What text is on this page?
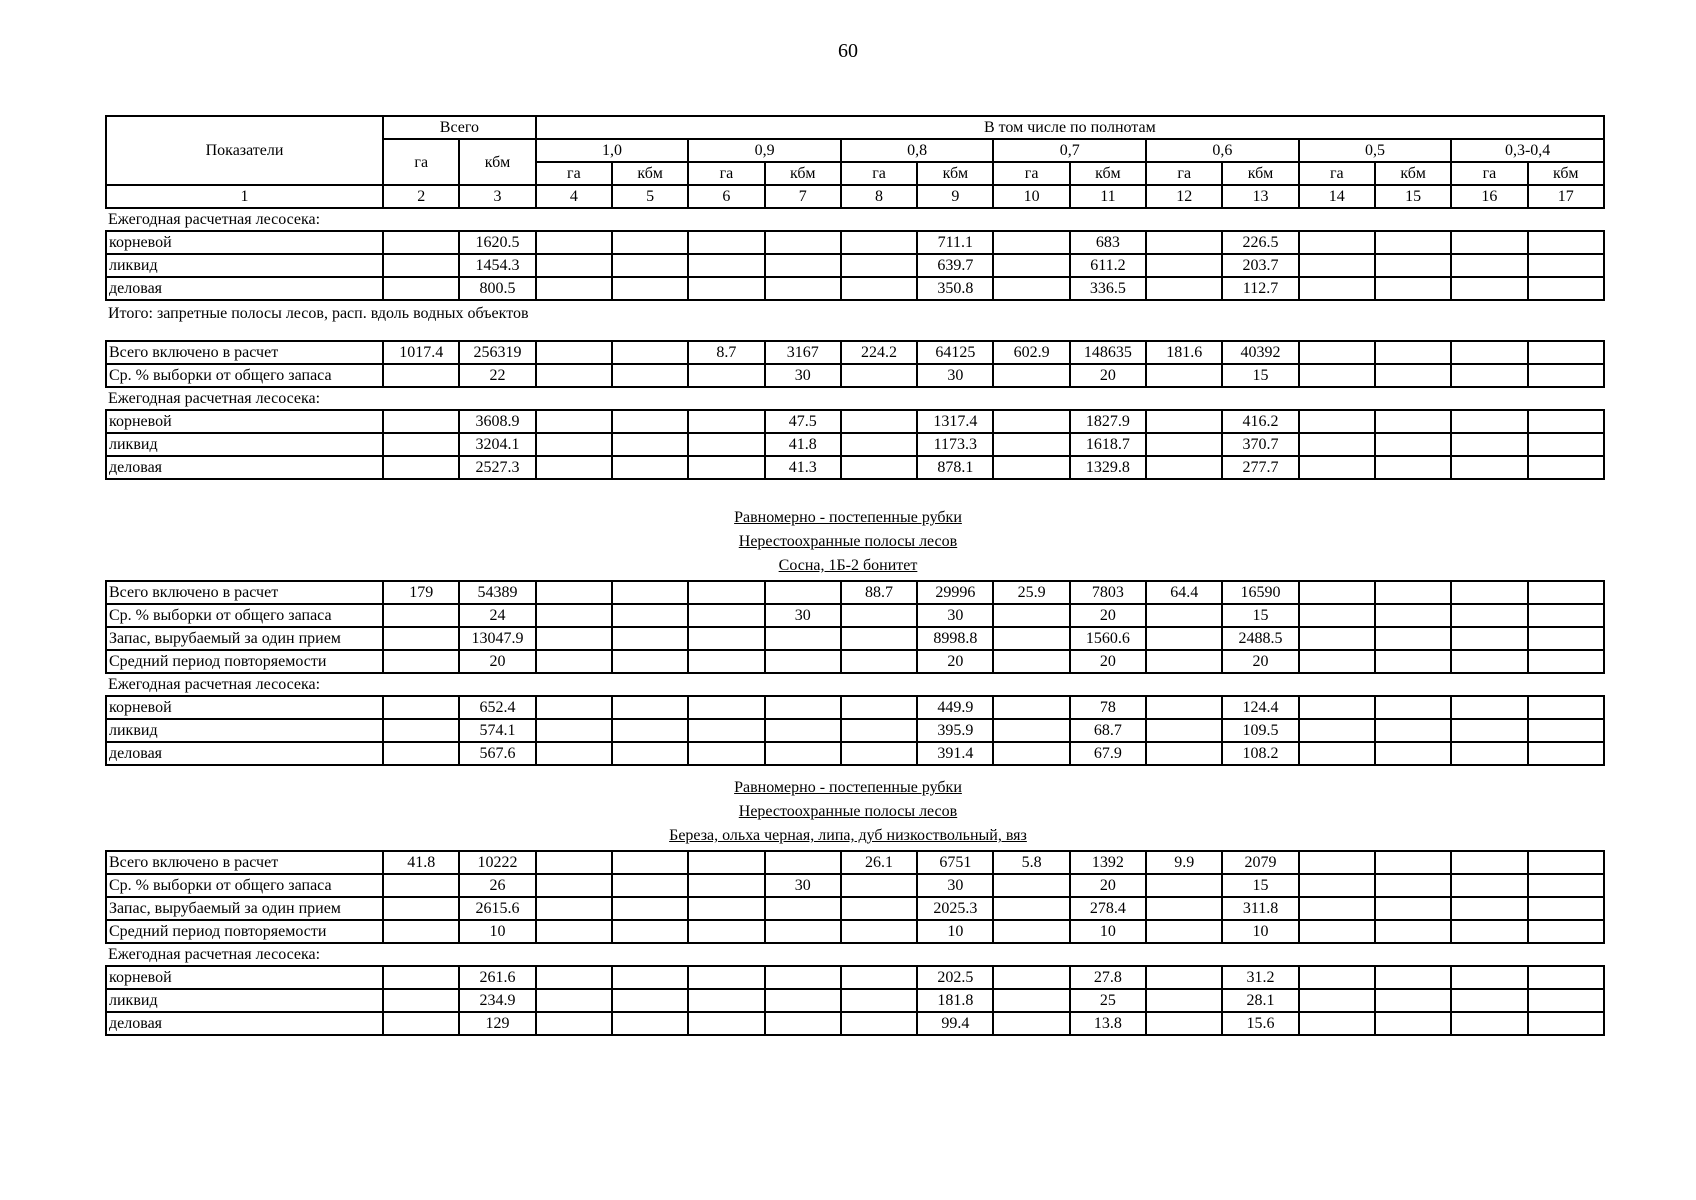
60
Показатели	Всего		В том числе по полнотам													
	га	кбм	1,0		0,9		0,8		0,7		0,6		0,5		0,3-0,4	
			га	кбм	га	кбм	га	кбм	га	кбм	га	кбм	га	кбм	га	кбм
1	2	3	4	5	6	7	8	9	10	11	12	13	14	15	16	17
Ежегодная расчетная лесосека:																
корневой		1620.5						711.1		683		226.5				
ликвид		1454.3						639.7		611.2		203.7				
деловая		800.5						350.8		336.5		112.7				
Итого: запретные полосы лесов, расп. вдоль водных объектов																

Всего включено в расчет	1017.4	256319			8.7	3167	224.2	64125	602.9	148635	181.6	40392				
Ср. % выборки от общего запаса		22				30		30		20		15				
Ежегодная расчетная лесосека:																
корневой		3608.9				47.5		1317.4		1827.9		416.2				
ликвид		3204.1				41.8		1173.3		1618.7		370.7				
деловая		2527.3				41.3		878.1		1329.8		277.7				
Равномерно - постепенные рубки
Нерестоохранные полосы лесов
Сосна, 1Б-2 бонитет
Всего включено в расчет	179	54389					88.7	29996	25.9	7803	64.4	16590				
Ср. % выборки от общего запаса		24				30		30		20		15				
Запас, вырубаемый за один прием		13047.9						8998.8		1560.6		2488.5				
Средний период повторяемости		20						20		20		20				
Ежегодная расчетная лесосека:																
корневой		652.4						449.9		78		124.4				
ликвид		574.1						395.9		68.7		109.5				
деловая		567.6						391.4		67.9		108.2				
Равномерно - постепенные рубки
Нерестоохранные полосы лесов
Береза, ольха черная, липа, дуб низкоствольный, вяз
Всего включено в расчет	41.8	10222					26.1	6751	5.8	1392	9.9	2079				
Ср. % выборки от общего запаса		26				30		30		20		15				
Запас, вырубаемый за один прием		2615.6						2025.3		278.4		311.8				
Средний период повторяемости		10						10		10		10				
Ежегодная расчетная лесосека:																
корневой		261.6						202.5		27.8		31.2				
ликвид		234.9						181.8		25		28.1				
деловая		129						99.4		13.8		15.6				
